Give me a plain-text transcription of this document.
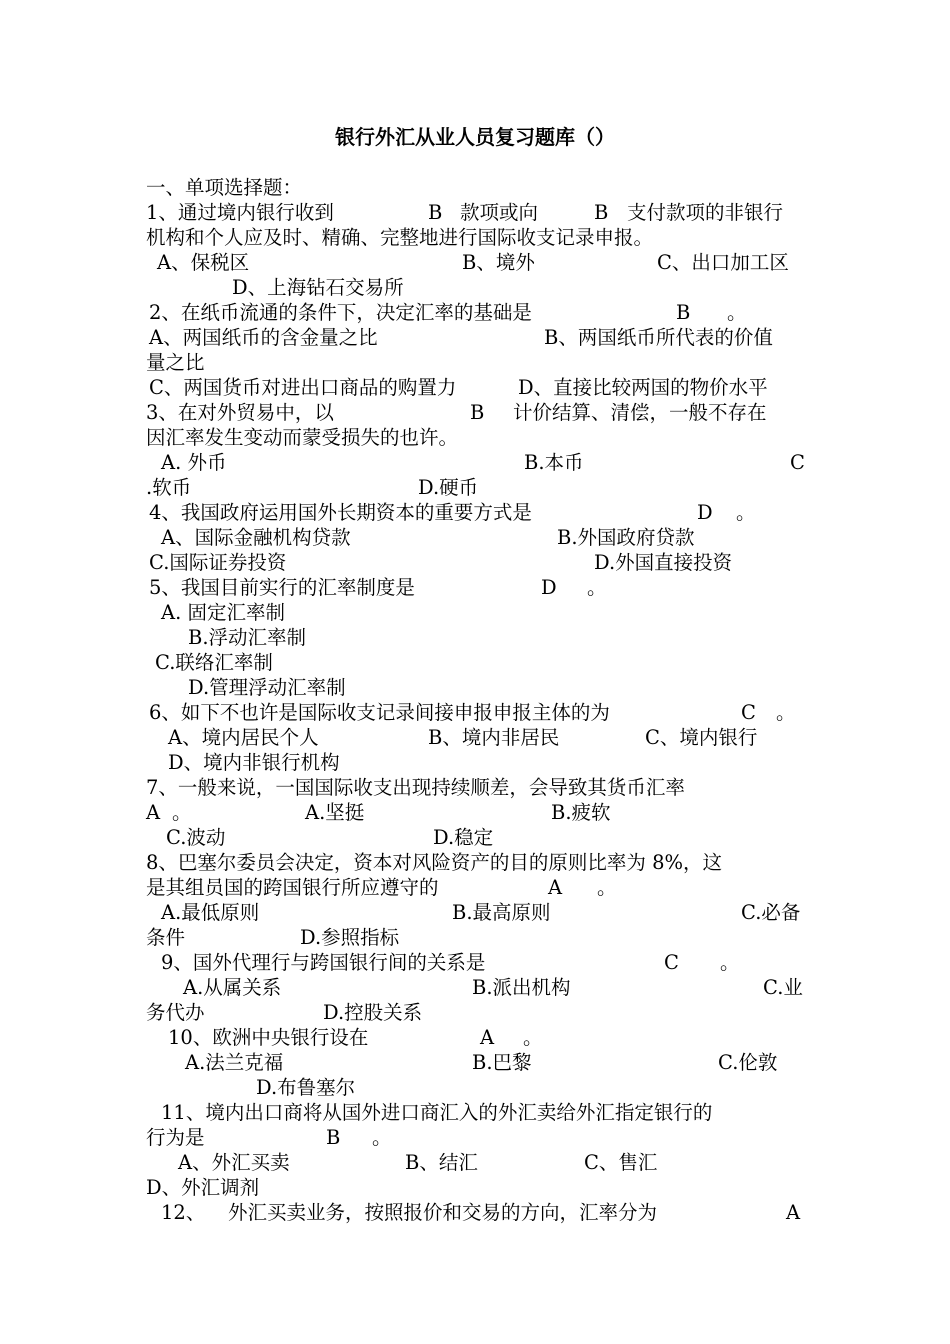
银行外汇从业人员复习题库（）
一、单项选择题：
1、通过境内银行收到	B 款项或向	B 支付款项的非银行
机构和个人应及时、精确、完整地进行国际收支记录申报。
A、保税区	B、境外	C、出口加工区
D、上海钻石交易所
2、在纸币流通的条件下，决定汇率的基础是	B 。
A、两国纸币的含金量之比	B、两国纸币所代表的价值
量之比
C、两国货币对进出口商品的购置力	D、直接比较两国的物价水平
3、在对外贸易中，以	B 计价结算、清偿，一般不存在
因汇率发生变动而蒙受损失的也许。
A. 外币	B.本币	C
.软币	D.硬币
4、我国政府运用国外长期资本的重要方式是	D 。
A、国际金融机构贷款	B.外国政府贷款
C.国际证券投资	D.外国直接投资
5、我国目前实行的汇率制度是	D 。
A. 固定汇率制
B.浮动汇率制
C.联络汇率制
D.管理浮动汇率制
6、如下不也许是国际收支记录间接申报申报主体的为	C 。
A、境内居民个人	B、境内非居民	C、境内银行
D、境内非银行机构
7、一般来说，一国国际收支出现持续顺差，会导致其货币汇率
A 。	A.坚挺	B.疲软
C.波动	D.稳定
8、巴塞尔委员会决定，资本对风险资产的目的原则比率为 8%，这
是其组员国的跨国银行所应遵守的	A 。
A.最低原则	B.最高原则	C.必备
条件	D.参照指标
9、国外代理行与跨国银行间的关系是	C 。
A.从属关系	B.派出机构	C.业
务代办	D.控股关系
10、欧洲中央银行设在	A 。
A.法兰克福	B.巴黎	C.伦敦
D.布鲁塞尔
11、境内出口商将从国外进口商汇入的外汇卖给外汇指定银行的
行为是	B 。
A、外汇买卖	B、结汇	C、售汇
D、外汇调剂
12、 外汇买卖业务，按照报价和交易的方向，汇率分为	A
